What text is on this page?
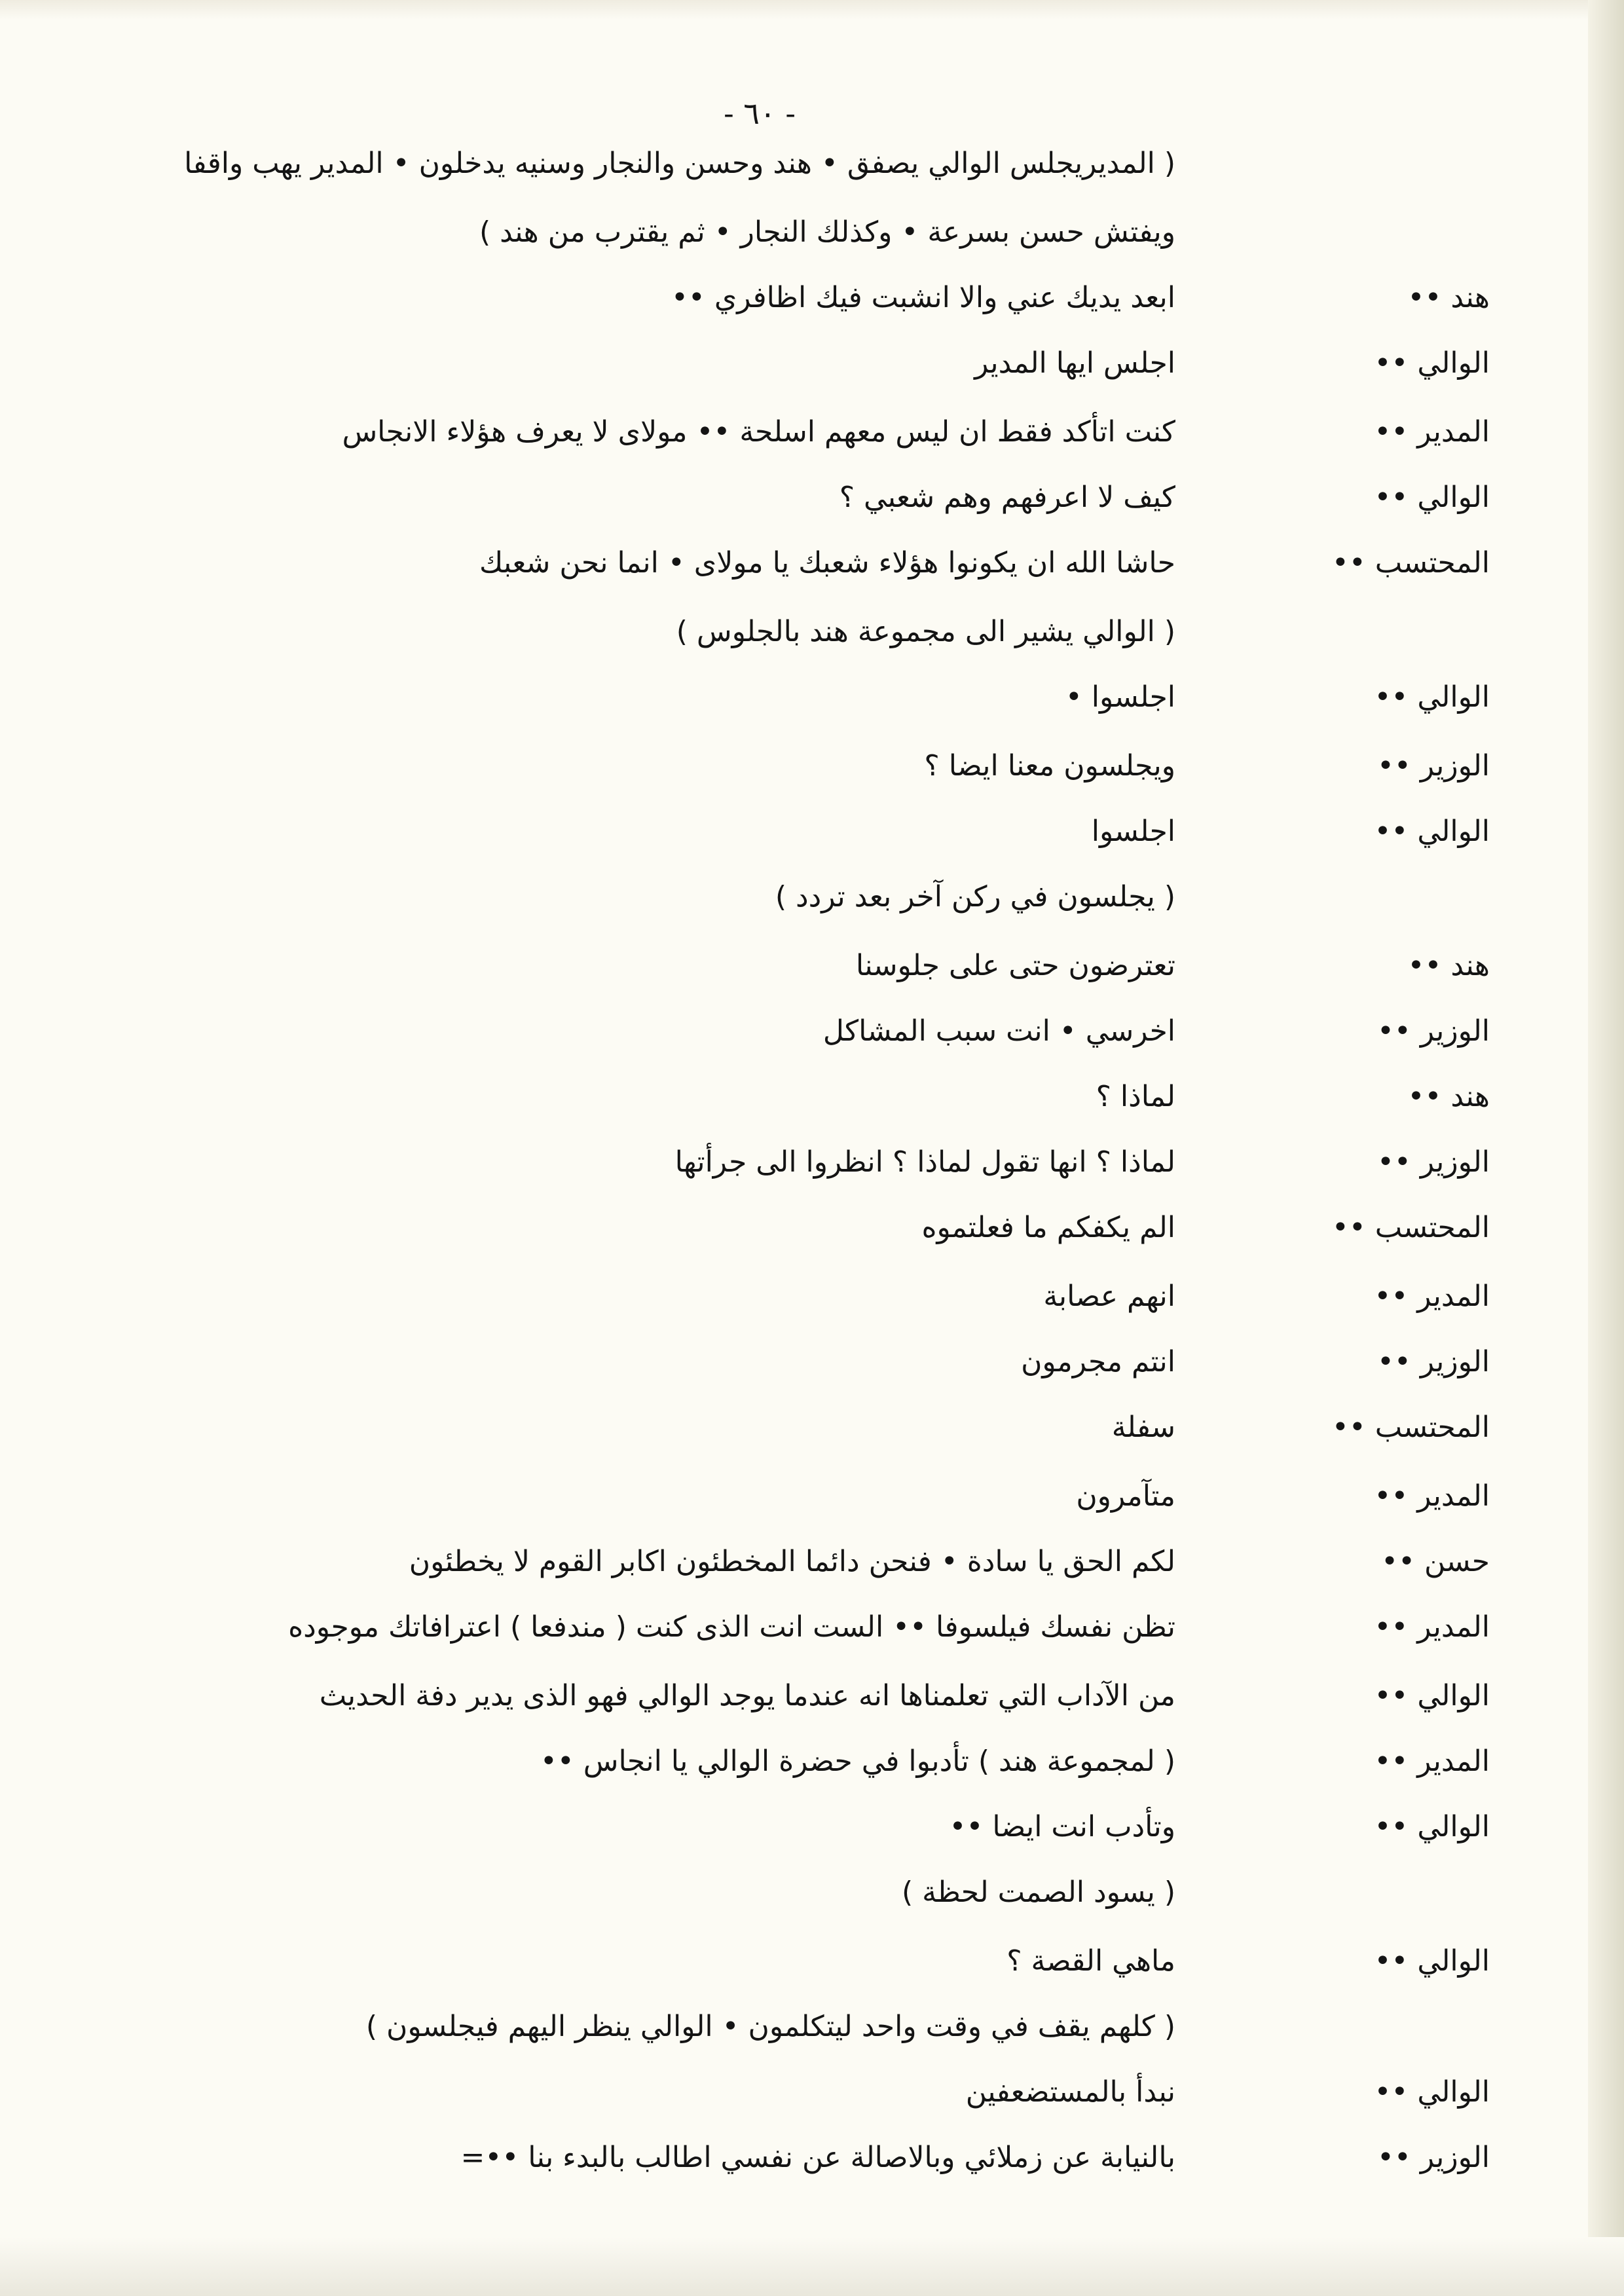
- ٦٠ -
( المديريجلس الوالي يصفق • هند وحسن والنجار وسنيه يدخلون • المدير يهب واقفا
ويفتش حسن بسرعة • وكذلك النجار • ثم يقترب من هند )
هند ••
ابعد يديك عني والا انشبت فيك اظافري ••
الوالي ••
اجلس ايها المدير
المدير ••
كنت اتأكد فقط ان ليس معهم اسلحة •• مولاى لا يعرف هؤلاء الانجاس
الوالي ••
كيف لا اعرفهم وهم شعبي ؟
المحتسب ••
حاشا الله ان يكونوا هؤلاء شعبك يا مولاى • انما نحن شعبك
( الوالي يشير الى مجموعة هند بالجلوس )
الوالي ••
اجلسوا •
الوزير ••
ويجلسون معنا ايضا ؟
الوالي ••
اجلسوا
( يجلسون في ركن آخر بعد تردد )
هند ••
تعترضون حتى على جلوسنا
الوزير ••
اخرسي • انت سبب المشاكل
هند ••
لماذا ؟
الوزير ••
لماذا ؟ انها تقول لماذا ؟ انظروا الى جرأتها
المحتسب ••
الم يكفكم ما فعلتموه
المدير ••
انهم عصابة
الوزير ••
انتم مجرمون
المحتسب ••
سفلة
المدير ••
متآمرون
حسن ••
لكم الحق يا سادة • فنحن دائما المخطئون اكابر القوم لا يخطئون
المدير ••
تظن نفسك فيلسوفا •• الست انت الذى كنت ( مندفعا ) اعترافاتك موجوده
الوالي ••
من الآداب التي تعلمناها انه عندما يوجد الوالي فهو الذى يدير دفة الحديث
المدير ••
( لمجموعة هند ) تأدبوا في حضرة الوالي يا انجاس ••
الوالي ••
وتأدب انت ايضا ••
( يسود الصمت لحظة )
الوالي ••
ماهي القصة ؟
( كلهم يقف في وقت واحد ليتكلمون • الوالي ينظر اليهم فيجلسون )
الوالي ••
نبدأ بالمستضعفين
الوزير ••
بالنيابة عن زملائي وبالاصالة عن نفسي اطالب بالبدء بنا ••=
